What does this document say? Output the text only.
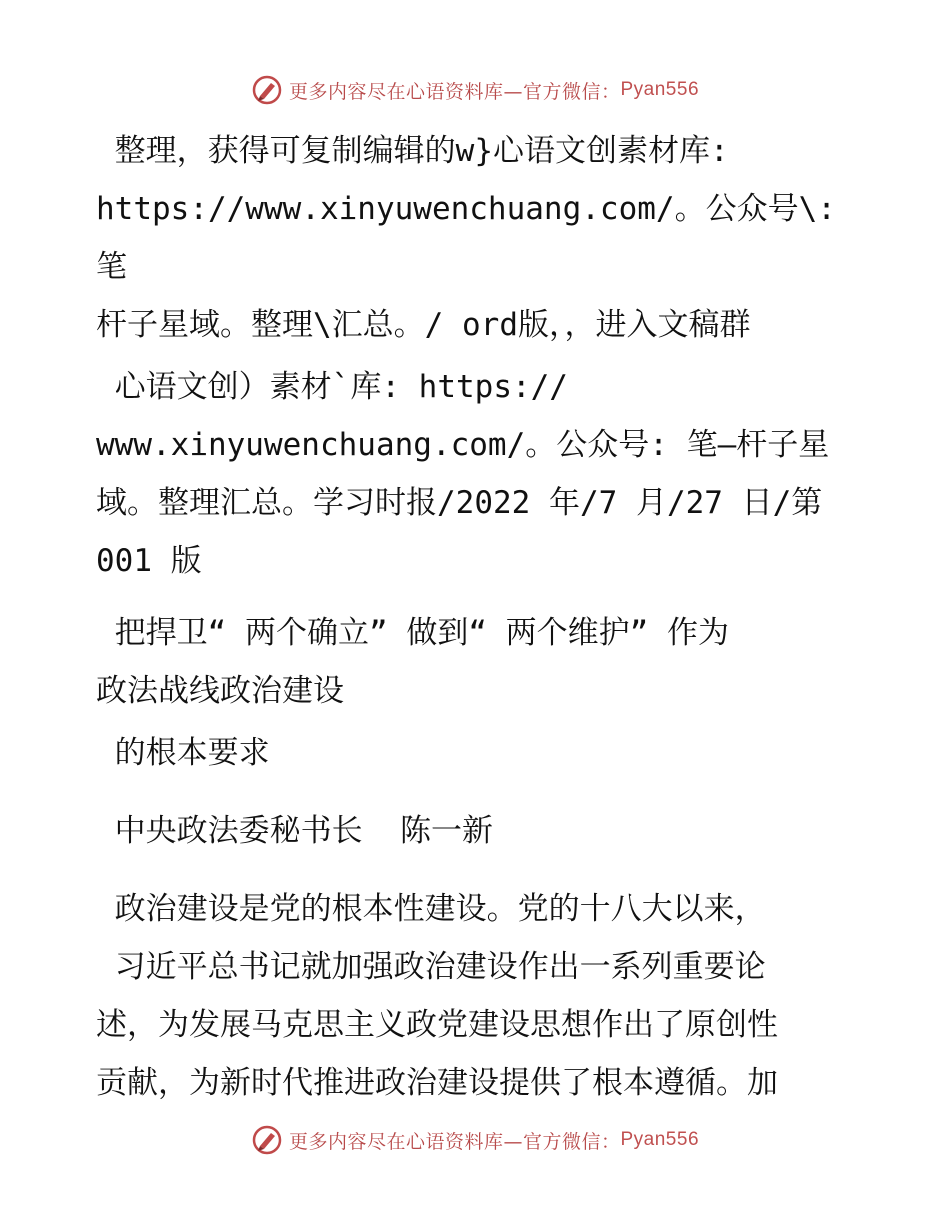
更多内容尽在心语资料库—官方微信： Pyan556

整理，获得可复制编辑的w}心语文创素材库:
https://www.xinyuwenchuang.com/。公众号\: 笔
杆子星域。整理\汇总。/ ord版，，进入文稿群

心语文创）素材`库: https://
www.xinyuwenchuang.com/。公众号: 笔—杆子星
域。整理汇总。学习时报/2022 年/7 月/27 日/第
001 版

把捍卫“ 两个确立” 做到“ 两个维护” 作为
政法战线政治建设

的根本要求

中央政法委秘书长  陈一新

政治建设是党的根本性建设。党的十八大以来，
习近平总书记就加强政治建设作出一系列重要论
述，为发展马克思主义政党建设思想作出了原创性
贡献，为新时代推进政治建设提供了根本遵循。加

更多内容尽在心语资料库—官方微信： Pyan556
